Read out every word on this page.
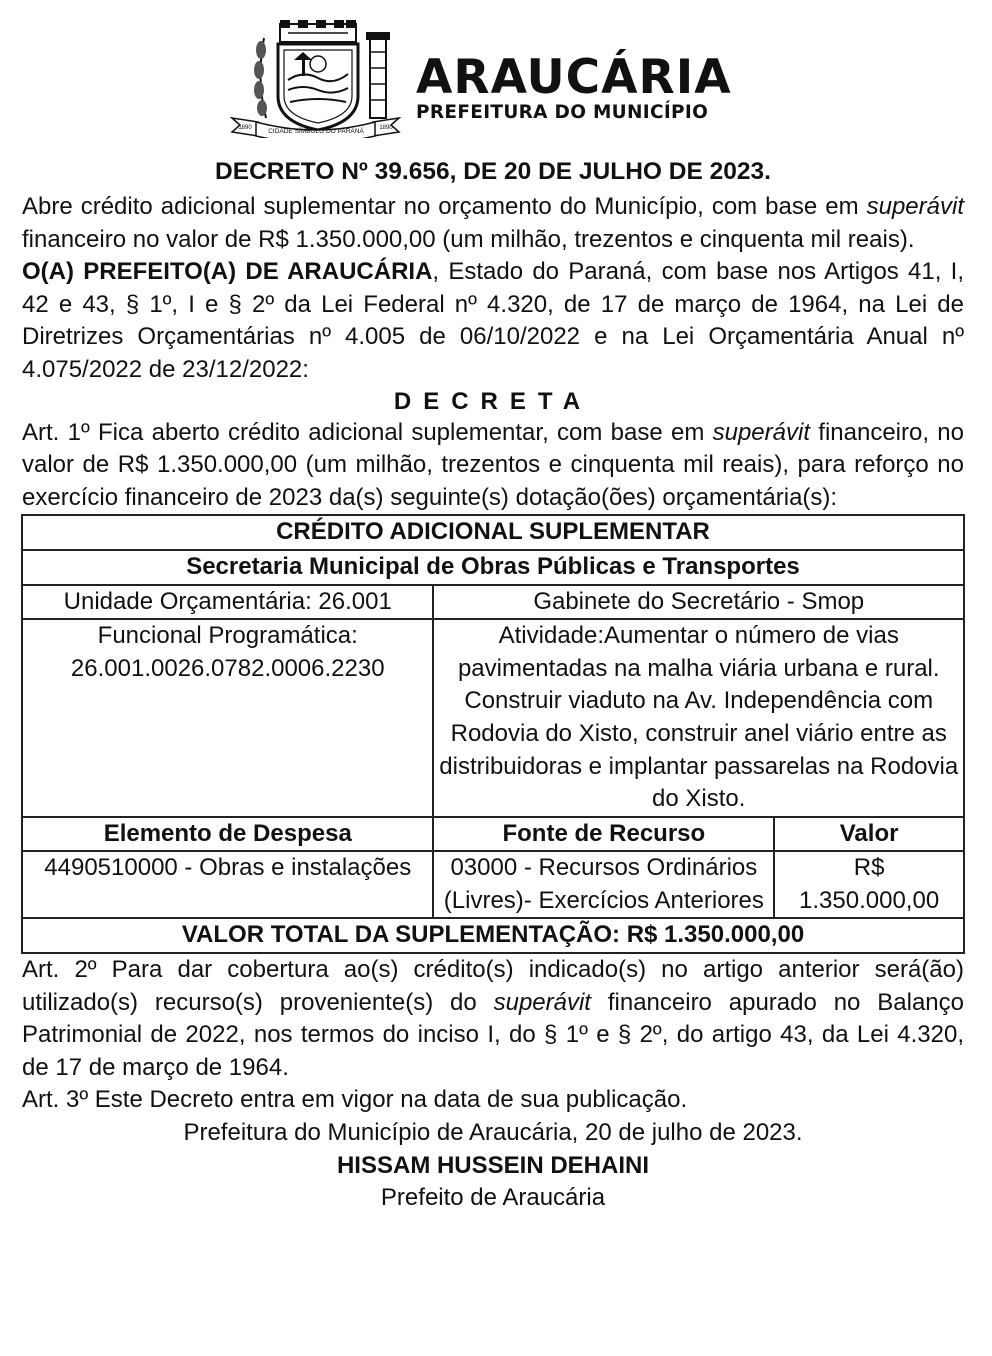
CIDADE SÍMBOLO DO PARANÁ
1890	1890
ARAUCÁRIA
PREFEITURA DO MUNICÍPIO
DECRETO Nº 39.656, DE 20 DE JULHO DE 2023.
Abre crédito adicional suplementar no orçamento do Município, com base em superávit financeiro no valor de R$ 1.350.000,00 (um milhão, trezentos e cinquenta mil reais).
O(A) PREFEITO(A) DE ARAUCÁRIA, Estado do Paraná, com base nos Artigos 41, I, 42 e 43, § 1º, I e § 2º da Lei Federal nº 4.320, de 17 de março de 1964, na Lei de Diretrizes Orçamentárias nº 4.005 de 06/10/2022 e na Lei Orçamentária Anual nº 4.075/2022 de 23/12/2022:
DECRETA
Art. 1º Fica aberto crédito adicional suplementar, com base em superávit financeiro, no valor de R$ 1.350.000,00 (um milhão, trezentos e cinquenta mil reais), para reforço no exercício financeiro de 2023 da(s) seguinte(s) dotação(ões) orçamentária(s):
CRÉDITO ADICIONAL SUPLEMENTAR		
Secretaria Municipal de Obras Públicas e Transportes		
Unidade Orçamentária: 26.001	Gabinete do Secretário - Smop	

Funcional Programática:
26.001.0026.0782.0006.2230	Atividade:Aumentar o número de vias pavimentadas na malha viária urbana e rural. Construir viaduto na Av. Independência com Rodovia do Xisto, construir anel viário entre as distribuidoras e implantar passarelas na Rodovia do Xisto.	
Elemento de Despesa	Fonte de Recurso	Valor
4490510000 - Obras e instalações	03000 - Recursos Ordinários (Livres)- Exercícios Anteriores	R$
1.350.000,00

VALOR TOTAL DA SUPLEMENTAÇÃO: R$ 1.350.000,00		
Art. 2º Para dar cobertura ao(s) crédito(s) indicado(s) no artigo anterior será(ão) utilizado(s) recurso(s) proveniente(s) do superávit financeiro apurado no Balanço Patrimonial de 2022, nos termos do inciso I, do § 1º e § 2º, do artigo 43, da Lei 4.320, de 17 de março de 1964.
Art. 3º Este Decreto entra em vigor na data de sua publicação.
Prefeitura do Município de Araucária, 20 de julho de 2023.
HISSAM HUSSEIN DEHAINI
Prefeito de Araucária
